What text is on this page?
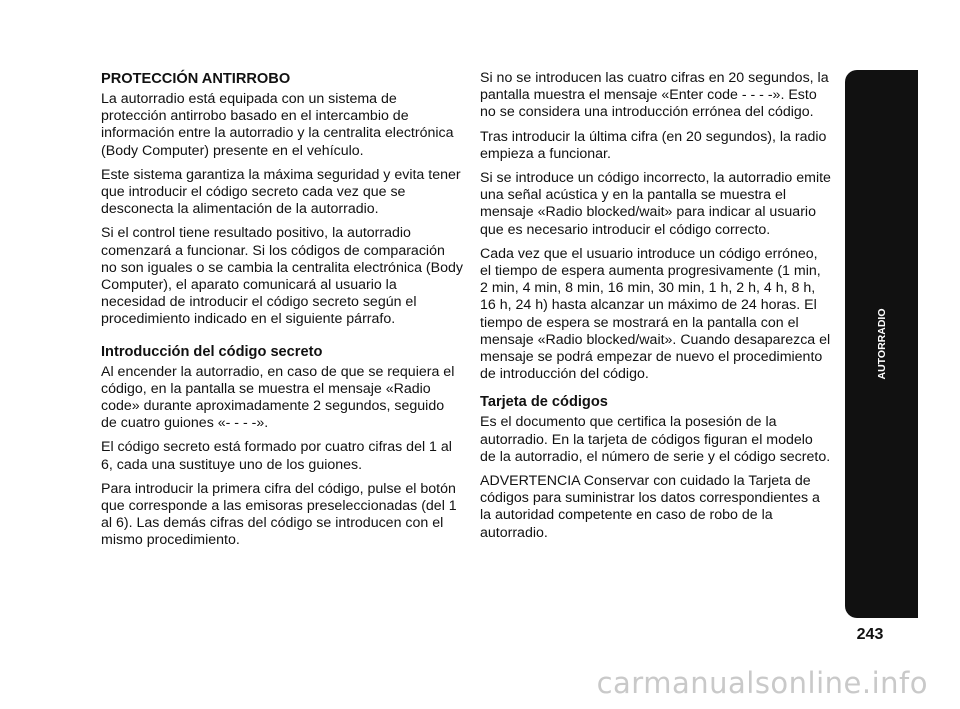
PROTECCIÓN ANTIRROBO

La autorradio está equipada con un sistema de protección antirrobo basado en el intercambio de información entre la autorradio y la centralita electrónica (Body Computer) presente en el vehículo.

Este sistema garantiza la máxima seguridad y evita tener que introducir el código secreto cada vez que se desconecta la alimentación de la autorradio.

Si el control tiene resultado positivo, la autorradio comenzará a funcionar. Si los códigos de comparación no son iguales o se cambia la centralita electrónica (Body Computer), el aparato comunicará al usuario la necesidad de introducir el código secreto según el procedimiento indicado en el siguiente párrafo.

Introducción del código secreto

Al encender la autorradio, en caso de que se requiera el código, en la pantalla se muestra el mensaje «Radio code» durante aproximadamente 2 segundos, seguido de cuatro guiones «- - - -».

El código secreto está formado por cuatro cifras del 1 al 6, cada una sustituye uno de los guiones.

Para introducir la primera cifra del código, pulse el botón que corresponde a las emisoras preseleccionadas (del 1 al 6). Las demás cifras del código se introducen con el mismo procedimiento.

Si no se introducen las cuatro cifras en 20 segundos, la pantalla muestra el mensaje «Enter code - - - -». Esto no se considera una introducción errónea del código.

Tras introducir la última cifra (en 20 segundos), la radio empieza a funcionar.

Si se introduce un código incorrecto, la autorradio emite una señal acústica y en la pantalla se muestra el mensaje «Radio blocked/wait» para indicar al usuario que es necesario introducir el código correcto.

Cada vez que el usuario introduce un código erróneo, el tiempo de espera aumenta progresivamente (1 min, 2 min, 4 min, 8 min, 16 min, 30 min, 1 h, 2 h, 4 h, 8 h, 16 h, 24 h) hasta alcanzar un máximo de 24 horas. El tiempo de espera se mostrará en la pantalla con el mensaje «Radio blocked/wait». Cuando desaparezca el mensaje se podrá empezar de nuevo el procedimiento de introducción del código.

Tarjeta de códigos

Es el documento que certifica la posesión de la autorradio. En la tarjeta de códigos figuran el modelo de la autorradio, el número de serie y el código secreto.

ADVERTENCIA Conservar con cuidado la Tarjeta de códigos para suministrar los datos correspondientes a la autoridad competente en caso de robo de la autorradio.

AUTORRADIO
243
carmanualsonline.info
